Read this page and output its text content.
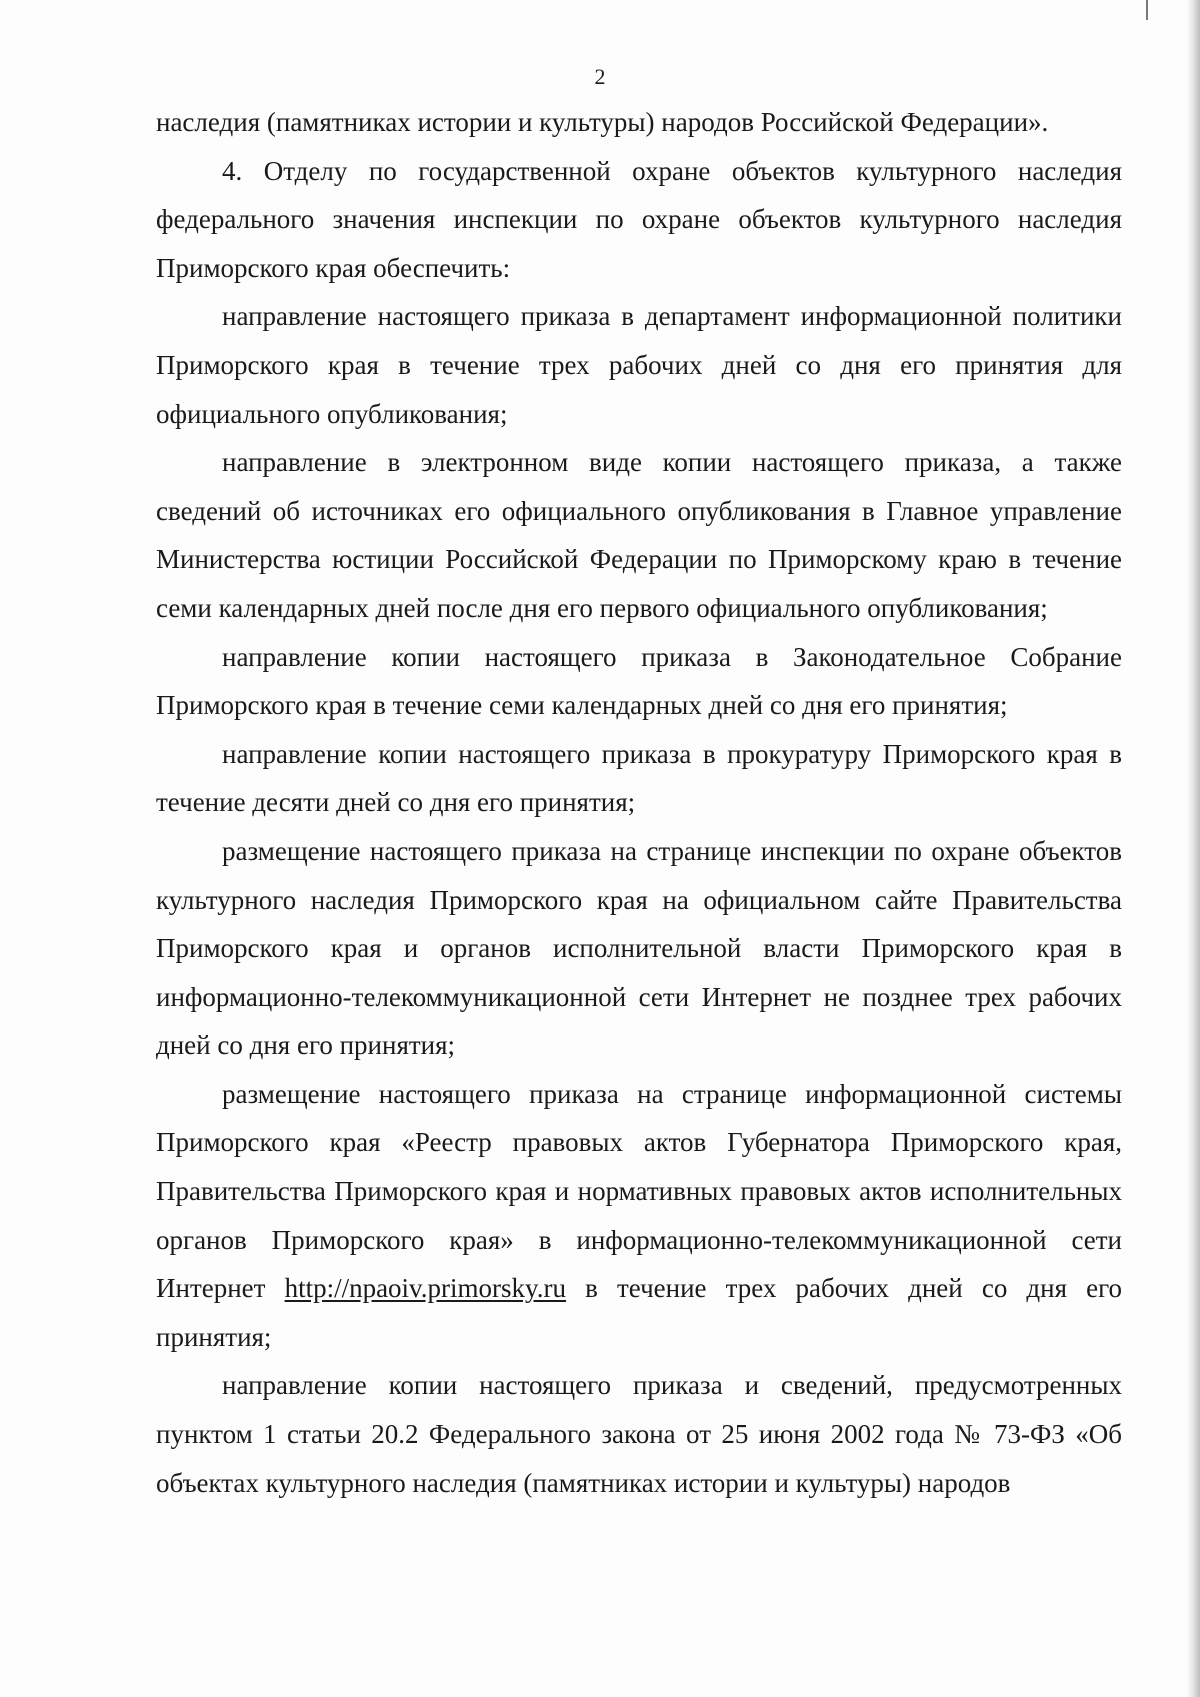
2

наследия (памятниках истории и культуры) народов Российской Федерации».

4. Отделу по государственной охране объектов культурного наследия федерального значения инспекции по охране объектов культурного наследия Приморского края обеспечить:

направление настоящего приказа в департамент информационной политики Приморского края в течение трех рабочих дней со дня его принятия для официального опубликования;

направление в электронном виде копии настоящего приказа, а также сведений об источниках его официального опубликования в Главное управление Министерства юстиции Российской Федерации по Приморскому краю в течение семи календарных дней после дня его первого официального опубликования;

направление копии настоящего приказа в Законодательное Собрание Приморского края в течение семи календарных дней со дня его принятия;

направление копии настоящего приказа в прокуратуру Приморского края в течение десяти дней со дня его принятия;

размещение настоящего приказа на странице инспекции по охране объектов культурного наследия Приморского края на официальном сайте Правительства Приморского края и органов исполнительной власти Приморского края в информационно-телекоммуникационной сети Интернет не позднее трех рабочих дней со дня его принятия;

размещение настоящего приказа на странице информационной системы Приморского края «Реестр правовых актов Губернатора Приморского края, Правительства Приморского края и нормативных правовых актов исполнительных органов Приморского края» в информационно-телекоммуникационной сети Интернет http://npaoiv.primorsky.ru в течение трех рабочих дней со дня его принятия;

направление копии настоящего приказа и сведений, предусмотренных пунктом 1 статьи 20.2 Федерального закона от 25 июня 2002 года № 73-ФЗ «Об объектах культурного наследия (памятниках истории и культуры) народов
